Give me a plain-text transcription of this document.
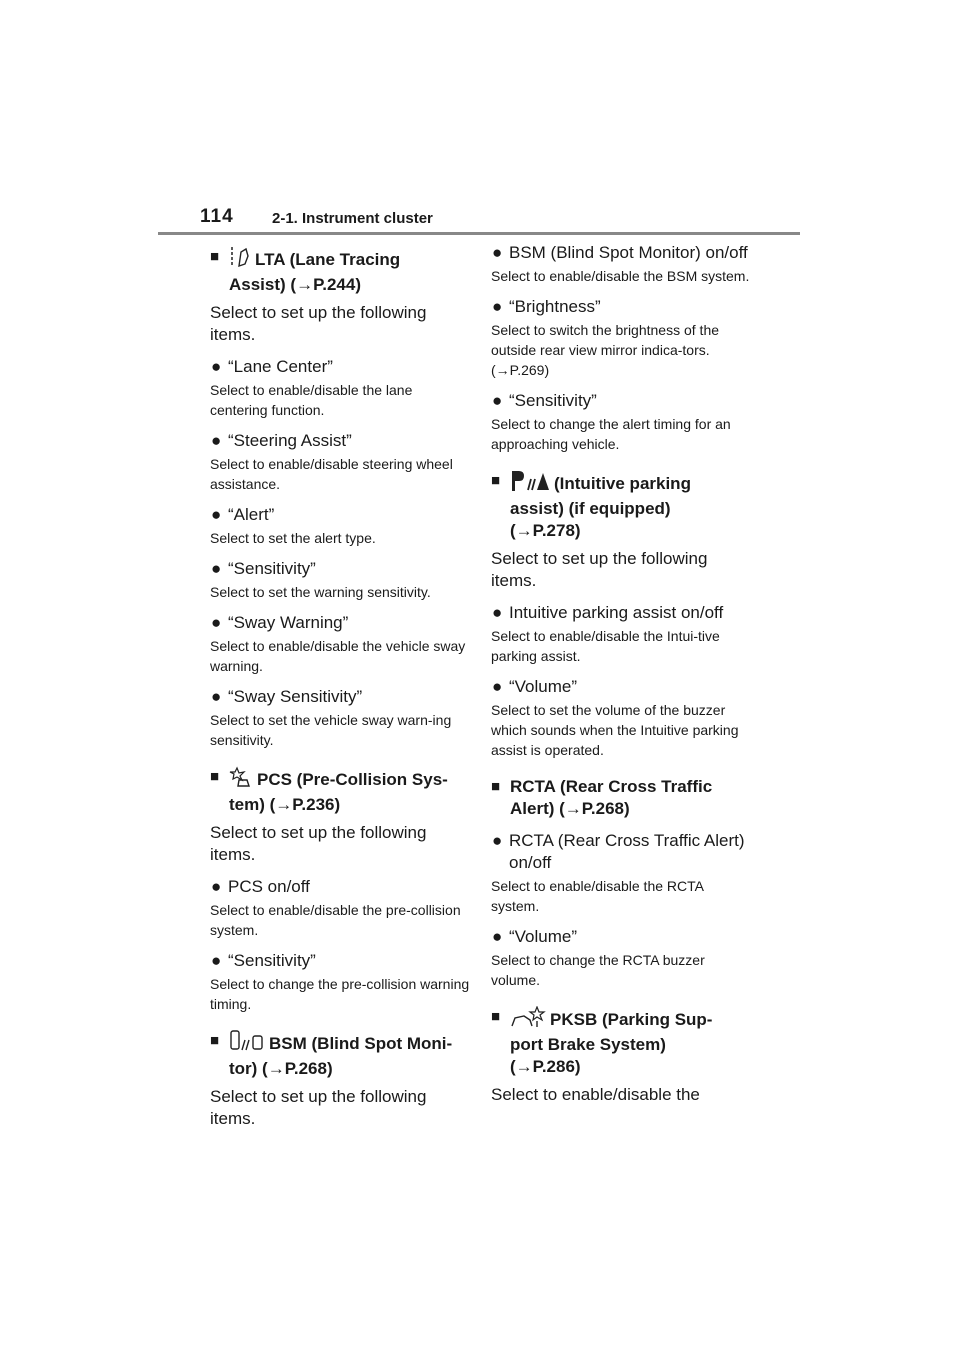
114	2-1. Instrument cluster
■ LTA (Lane Tracing
Assist) (→P.244)
Select to set up the following items.
● “Lane Center”
Select to enable/disable the lane centering function.
● “Steering Assist”
Select to enable/disable steering wheel assistance.
● “Alert”
Select to set the alert type.
● “Sensitivity”
Select to set the warning sensitivity.
● “Sway Warning”
Select to enable/disable the vehicle sway warning.
● “Sway Sensitivity”
Select to set the vehicle sway warn-ing sensitivity.
■ PCS (Pre-Collision Sys-
tem) (→P.236)
Select to set up the following items.
● PCS on/off
Select to enable/disable the pre-collision system.
● “Sensitivity”
Select to change the pre-collision warning timing.
■	BSM (Blind Spot Moni-
tor) (→P.268)
Select to set up the following items.
● BSM (Blind Spot Monitor) on/off
Select to enable/disable the BSM system.
● “Brightness”
Select to switch the brightness of the outside rear view mirror indica-tors. (→P.269)
● “Sensitivity”
Select to change the alert timing for an approaching vehicle.
■	(Intuitive parking
assist) (if equipped)
(→P.278)
Select to set up the following items.
● Intuitive parking assist on/off
Select to enable/disable the Intui-tive parking assist.
● “Volume”
Select to set the volume of the buzzer which sounds when the Intuitive parking assist is operated.
■ RCTA (Rear Cross Traffic
Alert) (→P.268)
● RCTA (Rear Cross Traffic Alert) on/off
Select to enable/disable the RCTA system.
● “Volume”
Select to change the RCTA buzzer volume.
■	PKSB (Parking Sup-
port Brake System)
(→P.286)
Select to enable/disable the
